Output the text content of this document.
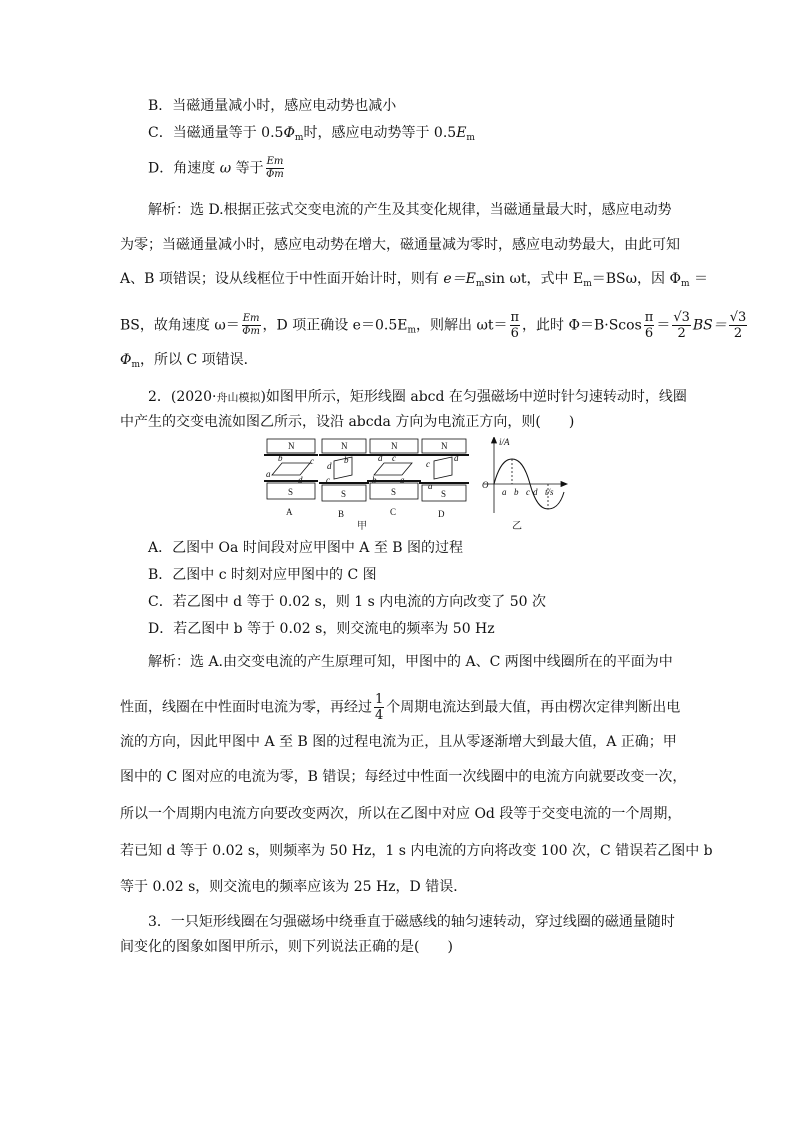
B．当磁通量减小时，感应电动势也减小
C．当磁通量等于 $0.5\Phi_m$时，感应电动势等于 $0.5E_m$
D．角速度 ω 等于 $\frac{Em}{\Phi m}$
解析：选 D.根据正弦式交变电流的产生及其变化规律，当磁通量最大时，感应电动势
为零；当磁通量减小时，感应电动势在增大，磁通量减为零时，感应电动势最大，由此可知
A、B 项错误；设从线框位于中性面开始计时，则有 $e=E_m\sin$ ωt，式中 $E_m=BS\omega$，因 $\Phi_m$ ＝
BS，故角速度 $\omega= \frac{Em}{\Phi m}$ ，D 项正确设 $e=0.5E_m$，则解出 $\omega t= \frac{\pi}{6}$ ，此时 $\Phi=B\cdot Scos \frac{\pi}{6} = \frac{√3}{2} BS= \frac{√3}{2}$
$\Phi_m$，所以 C 项错误．
2．(2020·舟山模拟)如图甲所示，矩形线圈 abcd 在匀强磁场中逆时针匀速转动时，线圈
中产生的交变电流如图乙所示，设沿 abcda 方向为电流正方向，则(　　)
N
S
a
b	c
d
A
N
S
d
b
c
B
N
S
d c
b	a
C
N
S
c
d
a
D
甲
i/A
t/s
O
a b c d
乙
A．乙图中 Oa 时间段对应甲图中 A 至 B 图的过程
B．乙图中 c 时刻对应甲图中的 C 图
C．若乙图中 d 等于 0.02 s，则 1 s 内电流的方向改变了 50 次
D．若乙图中 b 等于 0.02 s，则交流电的频率为 50 Hz
解析：选 A.由交变电流的产生原理可知，甲图中的 A、C 两图中线圈所在的平面为中
性面，线圈在中性面时电流为零，再经过 $\frac{1}{4}$ 个周期电流达到最大值，再由楞次定律判断出电
流的方向，因此甲图中 A 至 B 图的过程电流为正，且从零逐渐增大到最大值，A 正确；甲
图中的 C 图对应的电流为零，B 错误；每经过中性面一次线圈中的电流方向就要改变一次，
所以一个周期内电流方向要改变两次，所以在乙图中对应 Od 段等于交变电流的一个周期，
若已知 d 等于 0.02 s，则频率为 50 Hz，1 s 内电流的方向将改变 100 次，C 错误若乙图中 b
等于 0.02 s，则交流电的频率应该为 25 Hz，D 错误．
3．一只矩形线圈在匀强磁场中绕垂直于磁感线的轴匀速转动，穿过线圈的磁通量随时
间变化的图象如图甲所示，则下列说法正确的是(　　)
